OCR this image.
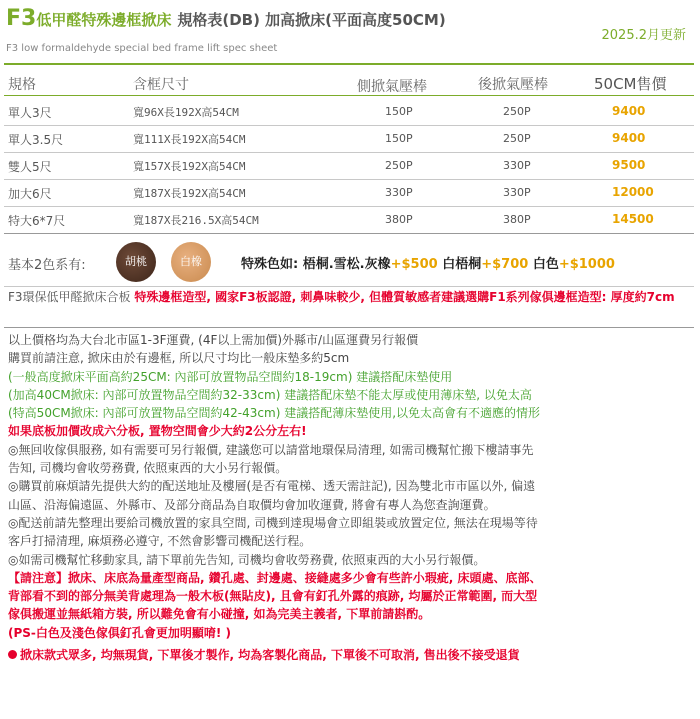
F3低甲醛特殊邊框掀床 規格表(DB) 加高掀床(平面高度50CM)
F3 low formaldehyde special bed frame lift spec sheet
2025.2月更新
規格	含框尺寸	側掀氣壓棒	後掀氣壓棒	50CM售價
單人3尺	寬96X長192X高54CM	150P	250P	9400
單人3.5尺	寬111X長192X高54CM	150P	250P	9400
雙人5尺	寬157X長192X高54CM	250P	330P	9500
加大6尺	寬187X長192X高54CM	330P	330P	12000
特大6*7尺	寬187X長216.5X高54CM	380P	380P	14500
基本2色系有:	胡桃	白橡	特殊色如: 梧桐.雪松.灰橡+$500 白梧桐+$700 白色+$1000
F3環保低甲醛掀床合板 特殊邊框造型, 國家F3板認證, 刺鼻味較少, 但體質敏感者建議選購F1系列傢俱邊框造型: 厚度約7cm

以上價格均為大台北市區1-3F運費, (4F以上需加價)外縣市/山區運費另行報價

購買前請注意, 掀床由於有邊框, 所以尺寸均比一般床墊多約5cm

(一般高度掀床平面高約25CM: 內部可放置物品空間約18-19cm) 建議搭配床墊使用

(加高40CM掀床: 內部可放置物品空間約32-33cm) 建議搭配床墊不能太厚或使用薄床墊, 以免太高

(特高50CM掀床: 內部可放置物品空間約42-43cm) 建議搭配薄床墊使用,以免太高會有不適應的情形

如果底板加價改成六分板, 置物空間會少大約2公分左右!

◎無回收傢俱服務, 如有需要可另行報價, 建議您可以請當地環保局清理, 如需司機幫忙搬下樓請事先

告知, 司機均會收勞務費, 依照東西的大小另行報價。

◎購買前麻煩請先提供大約的配送地址及樓層(是否有電梯、透天需註記), 因為雙北市市區以外, 偏遠

山區、沿海偏遠區、外縣市、及部分商品為自取價均會加收運費, 將會有專人為您查詢運費。

◎配送前請先整理出要給司機放置的家具空間, 司機到達現場會立即組裝或放置定位, 無法在現場等待

客戶打掃清理, 麻煩務必遵守, 不然會影響司機配送行程。

◎如需司機幫忙移動家具, 請下單前先告知, 司機均會收勞務費, 依照東西的大小另行報價。

【請注意】掀床、床底為量產型商品, 鑽孔處、封邊處、接縫處多少會有些許小瑕疵, 床頭處、底部、

背部看不到的部分無美背處理為一般木板(無貼皮), 且會有釘孔外露的痕跡, 均屬於正常範圍, 而大型

傢俱搬運並無紙箱方裝, 所以難免會有小碰撞, 如為完美主義者, 下單前請斟酌。

(PS-白色及淺色傢俱釘孔會更加明顯唷! )

掀床款式眾多, 均無現貨, 下單後才製作, 均為客製化商品, 下單後不可取消, 售出後不接受退貨
